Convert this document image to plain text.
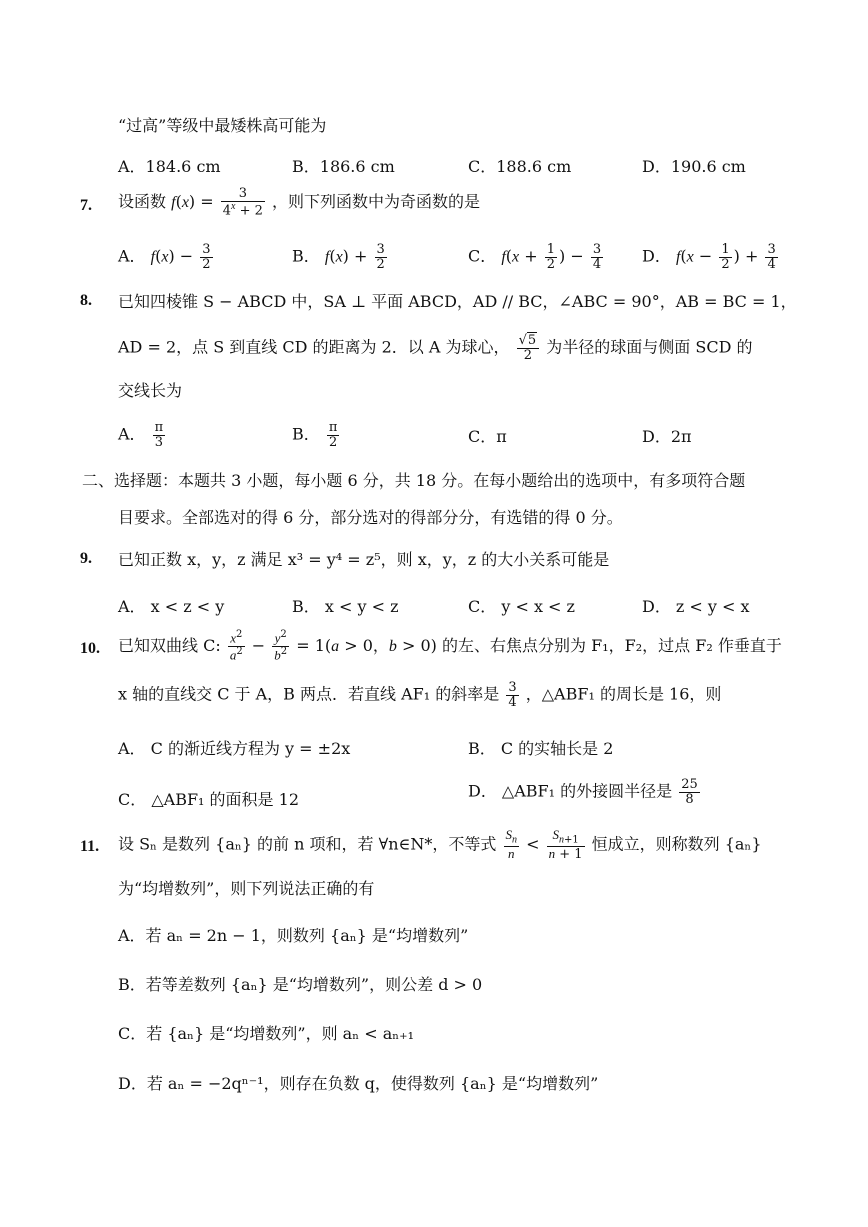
“过高”等级中最矮株高可能为
A．184.6 cm	B．186.6 cm	C．188.6 cm	D．190.6 cm
7. 设函数 $f(x) = \frac{3}{4^x + 2}$ ，则下列函数中为奇函数的是
A． $f(x) - \frac{3}{2}$	B． $f(x) + \frac{3}{2}$	C． $f(x + \frac{1}{2}$ ) − $\frac{3}{4}$ D． $f(x - \frac{1}{2}$ ) + $\frac{3}{4}$
8. 已知四棱锥 S − ABCD 中，SA ⊥ 平面 ABCD，AD // BC，∠ABC = 90°，AB = BC = 1，
AD = 2，点 S 到直线 CD 的距离为 2．以 A 为球心， $\frac{√5}{2}$ 为半径的球面与侧面 SCD 的
交线长为
A． $\frac{\pi}{3}$	B． $\frac{\pi}{2}$	C．π	D．2π
二、选择题：本题共 3 小题，每小题 6 分，共 18 分。在每小题给出的选项中，有多项符合题
目要求。全部选对的得 6 分，部分选对的得部分分，有选错的得 0 分。
9. 已知正数 x，y，z 满足 x³ = y⁴ = z⁵，则 x，y，z 的大小关系可能是
A． x < z < y	B． x < y < z	C． y < x < z	D． z < y < x
10. 已知双曲线 C: $\frac{x^2}{a^2} - \frac{y^2}{b^2} = 1(a > 0$，b > 0) 的左、右焦点分别为 F₁，F₂，过点 F₂ 作垂直于
x 轴的直线交 C 于 A，B 两点．若直线 AF₁ 的斜率是 $\frac{3}{4}$ ，△ABF₁ 的周长是 16，则
A． C 的渐近线方程为 y = ±2x	B． C 的实轴长是 2
C． △ABF₁ 的面积是 12	D． △ABF₁ 的外接圆半径是 $\frac{25}{8}$
11. 设 Sₙ 是数列 {aₙ} 的前 n 项和，若 ∀n∈N*，不等式 $\frac{S_n}{n} < \frac{S_{n+1}}{n + 1}$ 恒成立，则称数列 {aₙ}
为“均增数列”，则下列说法正确的有
A．若 aₙ = 2n − 1，则数列 {aₙ} 是“均增数列”
B．若等差数列 {aₙ} 是“均增数列”，则公差 d > 0
C．若 {aₙ} 是“均增数列”，则 aₙ < aₙ₊₁
D．若 aₙ = −2qⁿ⁻¹，则存在负数 q，使得数列 {aₙ} 是“均增数列”
